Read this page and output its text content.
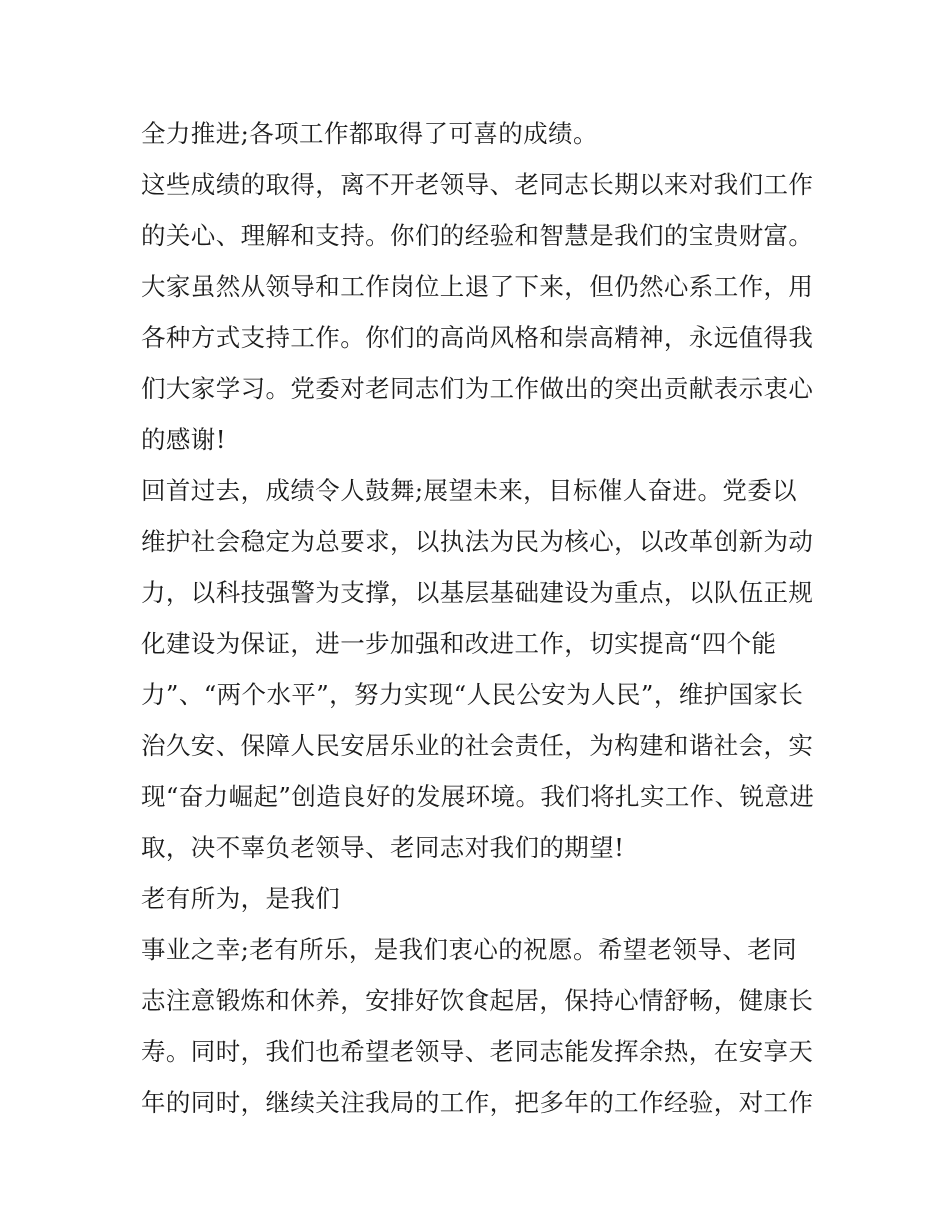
全力推进;各项工作都取得了可喜的成绩。
这些成绩的取得，离不开老领导、老同志长期以来对我们工作
的关心、理解和支持。你们的经验和智慧是我们的宝贵财富。
大家虽然从领导和工作岗位上退了下来，但仍然心系工作，用
各种方式支持工作。你们的高尚风格和崇高精神，永远值得我
们大家学习。党委对老同志们为工作做出的突出贡献表示衷心
的感谢!
回首过去，成绩令人鼓舞;展望未来，目标催人奋进。党委以
维护社会稳定为总要求，以执法为民为核心，以改革创新为动
力，以科技强警为支撑，以基层基础建设为重点，以队伍正规
化建设为保证，进一步加强和改进工作，切实提高“四个能
力”、“两个水平”，努力实现“人民公安为人民”，维护国家长
治久安、保障人民安居乐业的社会责任，为构建和谐社会，实
现“奋力崛起”创造良好的发展环境。我们将扎实工作、锐意进
取，决不辜负老领导、老同志对我们的期望!
老有所为，是我们
事业之幸;老有所乐，是我们衷心的祝愿。希望老领导、老同
志注意锻炼和休养，安排好饮食起居，保持心情舒畅，健康长
寿。同时，我们也希望老领导、老同志能发挥余热，在安享天
年的同时，继续关注我局的工作，把多年的工作经验，对工作
